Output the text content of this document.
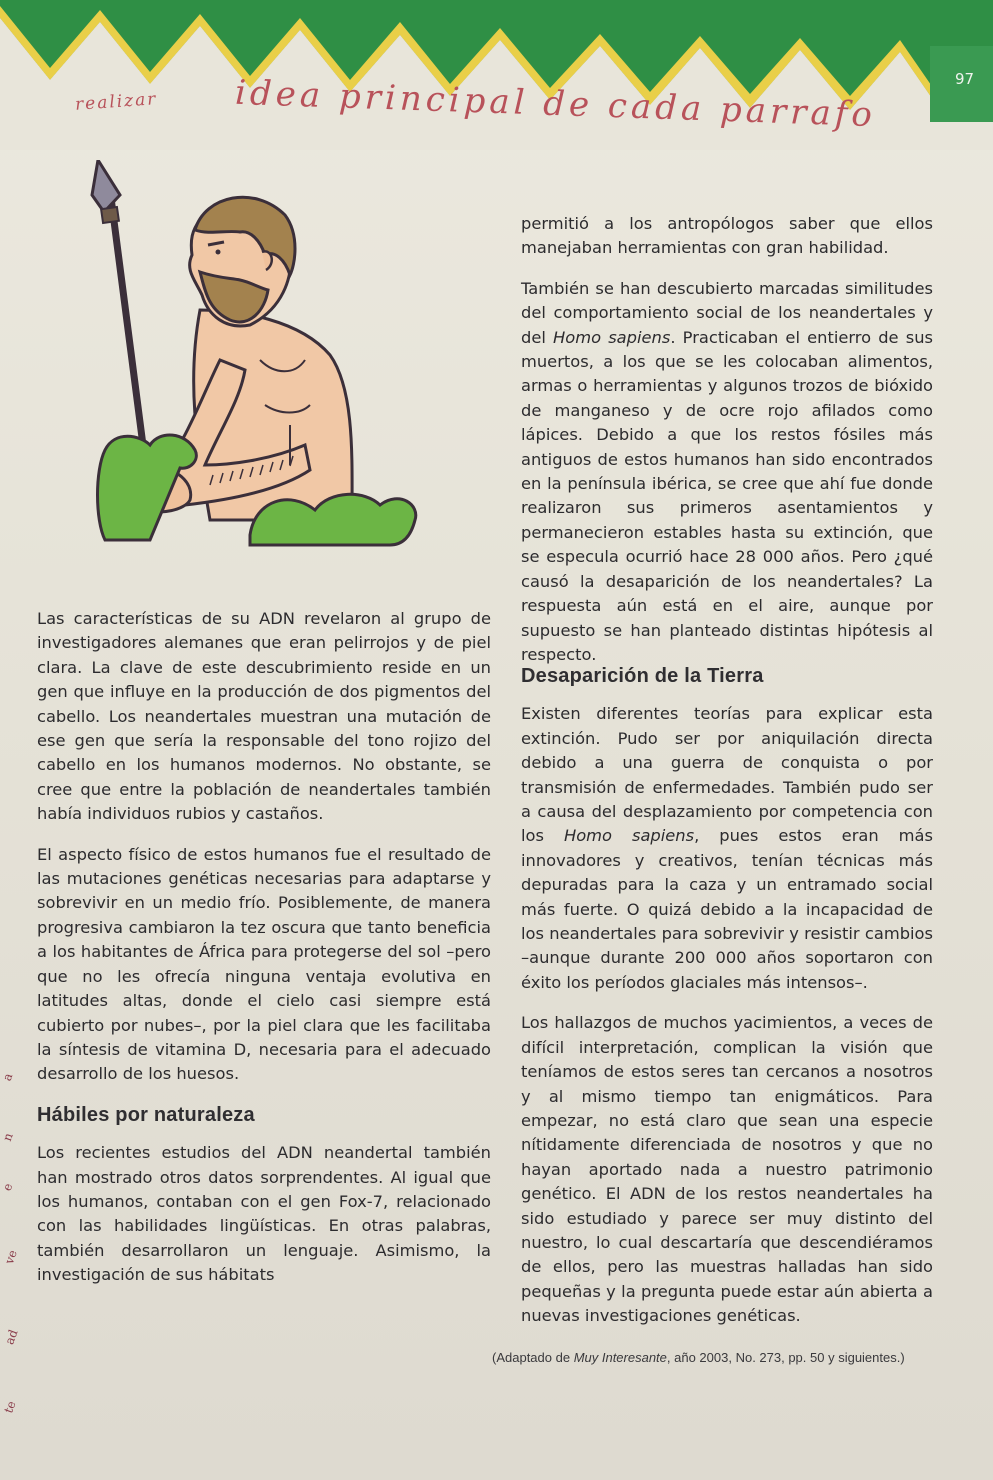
97
realizar idea principal de cada parrafo

permitió a los antropólogos saber que ellos manejaban herramientas con gran habilidad.

También se han descubierto marcadas similitudes del comportamiento social de los neandertales y del Homo sapiens. Practicaban el entierro de sus muertos, a los que se les colocaban alimentos, armas o herramientas y algunos trozos de bióxido de manganeso y de ocre rojo afilados como lápices. Debido a que los restos fósiles más antiguos de estos humanos han sido encontrados en la península ibérica, se cree que ahí fue donde realizaron sus primeros asentamientos y permanecieron estables hasta su extinción, que se especula ocurrió hace 28 000 años. Pero ¿qué causó la desaparición de los neandertales? La respuesta aún está en el aire, aunque por supuesto se han planteado distintas hipótesis al respecto.

Las características de su ADN revelaron al grupo de investigadores alemanes que eran pelirrojos y de piel clara. La clave de este descubrimiento reside en un gen que influye en la producción de dos pigmentos del cabello. Los neandertales muestran una mutación de ese gen que sería la responsable del tono rojizo del cabello en los humanos modernos. No obstante, se cree que entre la población de neandertales también había individuos rubios y castaños.

El aspecto físico de estos humanos fue el resultado de las mutaciones genéticas necesarias para adaptarse y sobrevivir en un medio frío. Posiblemente, de manera progresiva cambiaron la tez oscura que tanto beneficia a los habitantes de África para protegerse del sol –pero que no les ofrecía ninguna ventaja evolutiva en latitudes altas, donde el cielo casi siempre está cubierto por nubes–, por la piel clara que les facilitaba la síntesis de vitamina D, necesaria para el adecuado desarrollo de los huesos.

Hábiles por naturaleza

Los recientes estudios del ADN neandertal también han mostrado otros datos sorprendentes. Al igual que los humanos, contaban con el gen Fox-7, relacionado con las habilidades lingüísticas. En otras palabras, también desarrollaron un lenguaje. Asimismo, la investigación de sus hábitats

Desaparición de la Tierra

Existen diferentes teorías para explicar esta extinción. Pudo ser por aniquilación directa debido a una guerra de conquista o por transmisión de enfermedades. También pudo ser a causa del desplazamiento por competencia con los Homo sapiens, pues estos eran más innovadores y creativos, tenían técnicas más depuradas para la caza y un entramado social más fuerte. O quizá debido a la incapacidad de los neandertales para sobrevivir y resistir cambios –aunque durante 200 000 años soportaron con éxito los períodos glaciales más intensos–.

Los hallazgos de muchos yacimientos, a veces de difícil interpretación, complican la visión que teníamos de estos seres tan cercanos a nosotros y al mismo tiempo tan enigmáticos. Para empezar, no está claro que sean una especie nítidamente diferenciada de nosotros y que no hayan aportado nada a nuestro patrimonio genético. El ADN de los restos neandertales ha sido estudiado y parece ser muy distinto del nuestro, lo cual descartaría que descendiéramos de ellos, pero las muestras halladas han sido pequeñas y la pregunta puede estar aún abierta a nuevas investigaciones genéticas.

(Adaptado de Muy Interesante, año 2003, No. 273, pp. 50 y siguientes.)
a
n
e
ve
ad
te
